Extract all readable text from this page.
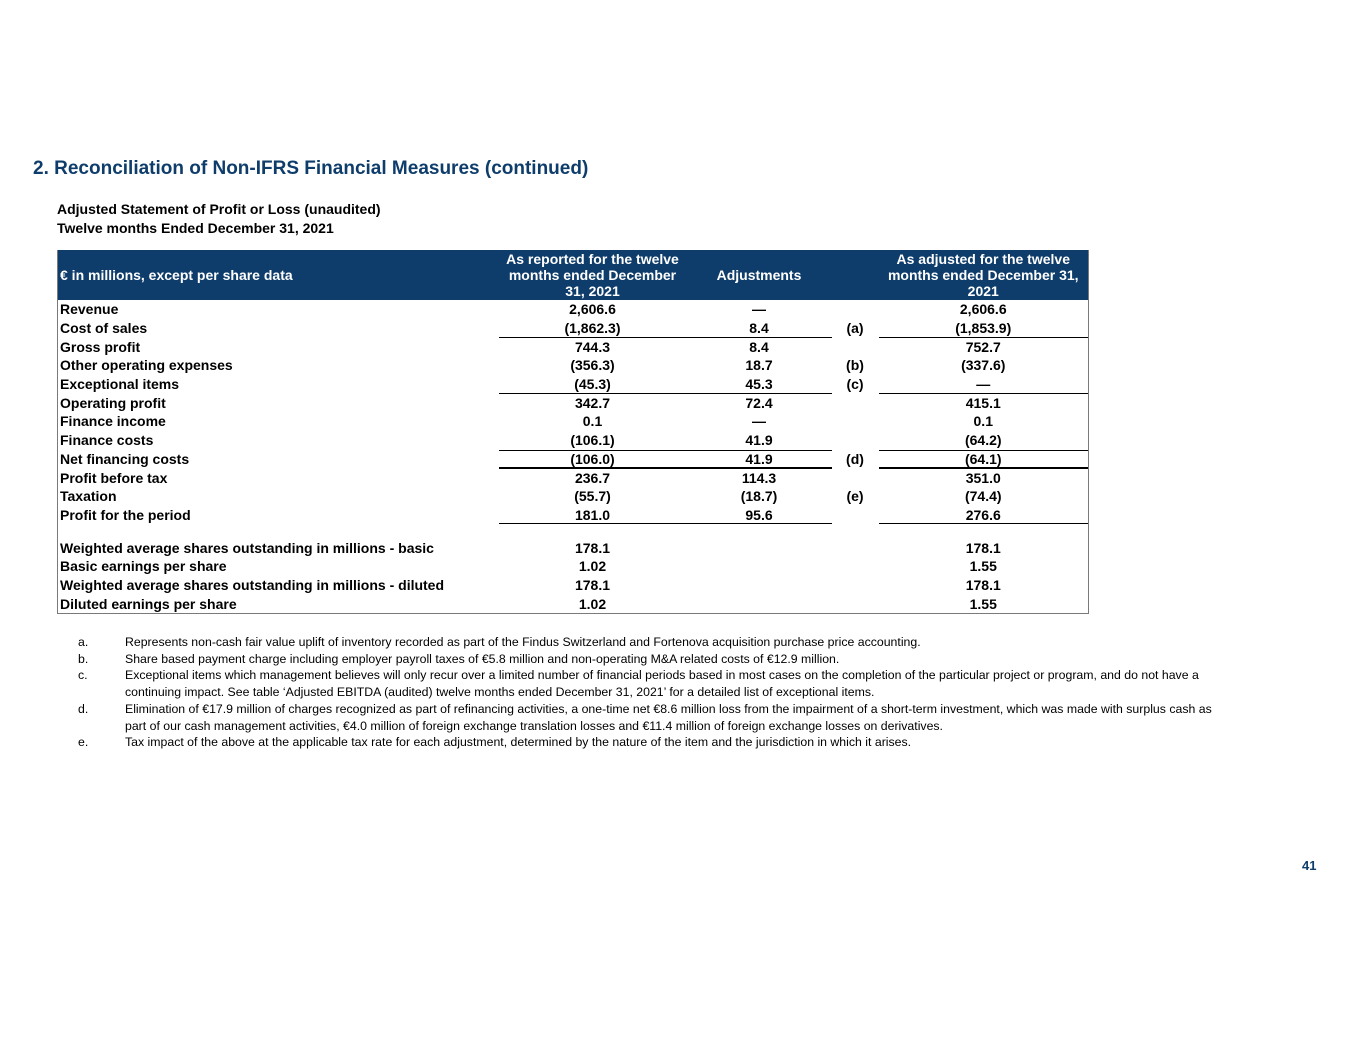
2. Reconciliation of Non-IFRS Financial Measures (continued)
Adjusted Statement of Profit or Loss (unaudited)
Twelve months Ended December 31, 2021
€ in millions, except per share data	As reported for the twelve months ended December 31, 2021	Adjustments		As adjusted for the twelve months ended December 31, 2021
Revenue	2,606.6	—		2,606.6
Cost of sales	(1,862.3)	8.4	(a)	(1,853.9)
Gross profit	744.3	8.4		752.7
Other operating expenses	(356.3)	18.7	(b)	(337.6)
Exceptional items	(45.3)	45.3	(c)	—
Operating profit	342.7	72.4		415.1
Finance income	0.1	—		0.1
Finance costs	(106.1)	41.9		(64.2)
Net financing costs	(106.0)	41.9	(d)	(64.1)
Profit before tax	236.7	114.3		351.0
Taxation	(55.7)	(18.7)	(e)	(74.4)
Profit for the period	181.0	95.6		276.6

Weighted average shares outstanding in millions - basic	178.1			178.1
Basic earnings per share	1.02			1.55
Weighted average shares outstanding in millions - diluted	178.1			178.1
Diluted earnings per share	1.02			1.55
a.	Represents non-cash fair value uplift of inventory recorded as part of the Findus Switzerland and Fortenova acquisition purchase price accounting.
b.	Share based payment charge including employer payroll taxes of €5.8 million and non-operating M&A related costs of €12.9 million.
c.	Exceptional items which management believes will only recur over a limited number of financial periods based in most cases on the completion of the particular project or program, and do not have a continuing impact. See table ‘Adjusted EBITDA (audited) twelve months ended December 31, 2021’ for a detailed list of exceptional items.
d.	Elimination of €17.9 million of charges recognized as part of refinancing activities, a one-time net €8.6 million loss from the impairment of a short-term investment, which was made with surplus cash as part of our cash management activities, €4.0 million of foreign exchange translation losses and €11.4 million of foreign exchange losses on derivatives.
e.	Tax impact of the above at the applicable tax rate for each adjustment, determined by the nature of the item and the jurisdiction in which it arises.
41
